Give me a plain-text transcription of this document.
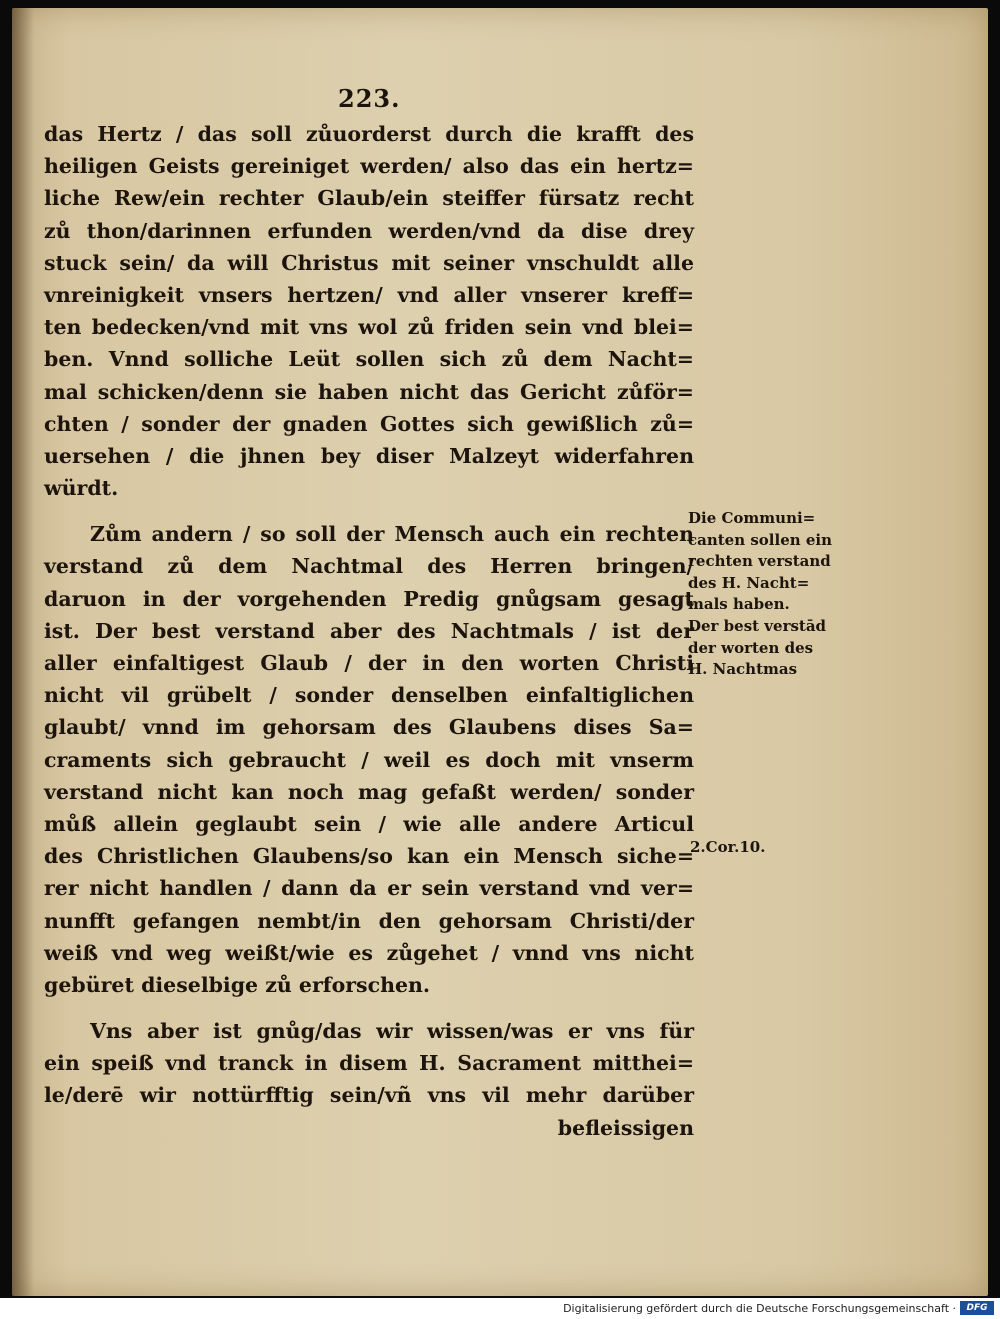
223.
das Hertz / das soll zůuorderst durch die krafft des
heiligen Geists gereiniget werden/ also das ein hertz=
liche Rew/ein rechter Glaub/ein steiffer fürsatz recht
zů thon/darinnen erfunden werden/vnd da dise drey
stuck sein/ da will Christus mit seiner vnschuldt alle
vnreinigkeit vnsers hertzen/ vnd aller vnserer kreff=
ten bedecken/vnd mit vns wol zů friden sein vnd blei=
ben. Vnnd solliche Leüt sollen sich zů dem Nacht=
mal schicken/denn sie haben nicht das Gericht zůför=
chten / sonder der gnaden Gottes sich gewißlich zů=
uersehen / die jhnen bey diser Malzeyt widerfahren
würdt.
Zům andern / so soll der Mensch auch ein rechten
verstand zů dem Nachtmal des Herren bringen/
daruon in der vorgehenden Predig gnůgsam gesagt
ist. Der best verstand aber des Nachtmals / ist der
aller einfaltigest Glaub / der in den worten Christi
nicht vil grübelt / sonder denselben einfaltiglichen
glaubt/ vnnd im gehorsam des Glaubens dises Sa=
craments sich gebraucht / weil es doch mit vnserm
verstand nicht kan noch mag gefaßt werden/ sonder
můß allein geglaubt sein / wie alle andere Articul
des Christlichen Glaubens/so kan ein Mensch siche=
rer nicht handlen / dann da er sein verstand vnd ver=
nunfft gefangen nembt/in den gehorsam Christi/der
weiß vnd weg weißt/wie es zůgehet / vnnd vns nicht
gebüret dieselbige zů erforschen.
Vns aber ist gnůg/das wir wissen/was er vns für
ein speiß vnd tranck in disem H. Sacrament mitthei=
le/derē wir nottürfftig sein/vñ vns vil mehr darüber
befleissigen
Die Communi=
canten sollen ein
rechten verstand
des H. Nacht=
mals haben.
Der best verstād
der worten des
H. Nachtmas
2.Cor.10.
Digitalisierung gefördert durch die Deutsche Forschungsgemeinschaft ·	DFG
